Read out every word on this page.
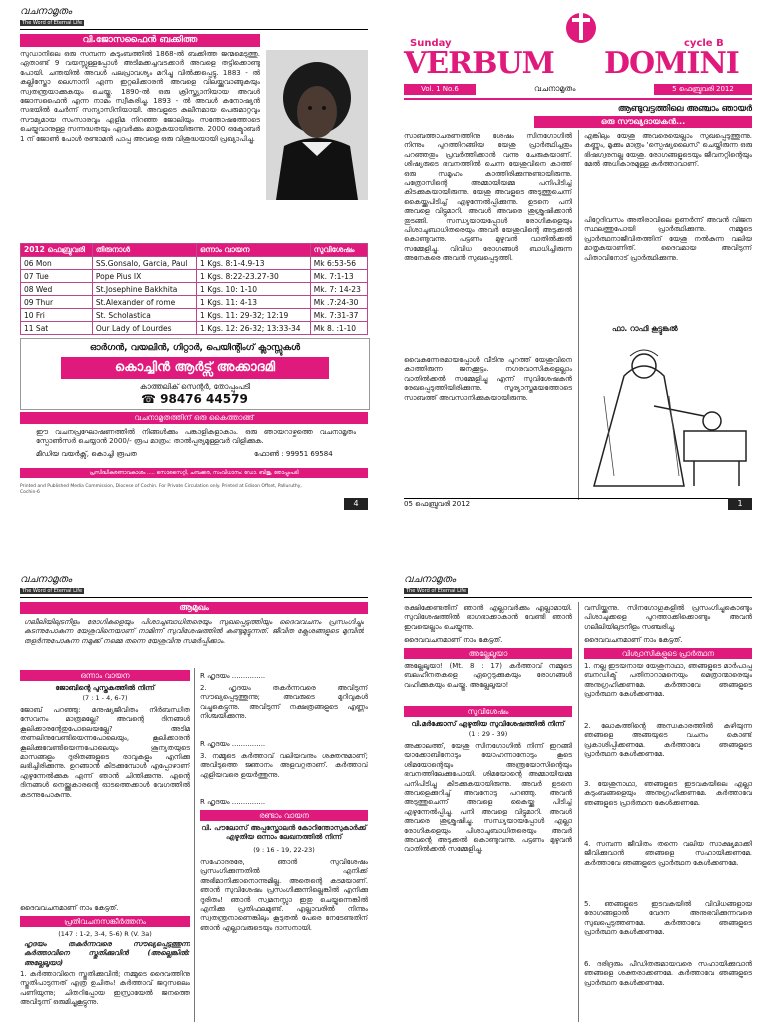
വചനാമൃതം
The Word of Eternal Life
വി.ജോസഫൈൻ ബക്കിത്ത
സുഡാനിലെ ഒരു സമ്പന്ന കുടുംബത്തിൽ 1868-ൽ ബക്കിത്ത ജന്മമെടുത്തു. ഏതാണ്ട് 9 വയസ്സുള്ളപ്പോൾ അടിമക്കച്ചവടക്കാർ അവളെ തട്ടിക്കൊണ്ടു പോയി. ചന്തയിൽ അവൾ പലപ്രാവശ്യം മറിച്ചു വിൽക്കപ്പെട്ടു. 1883 - ൽ കല്ലിസ്തോ ലെഗ്നാനി എന്ന ഇറ്റലിക്കാരൻ അവളെ വിലയ്ക്കുവാങ്ങുകയും സ്വതന്ത്രയാക്കുകയും ചെയ്തു. 1890-ൽ ഒരു ക്രിസ്ത്യാനിയായ അവൾ ജോസഫൈൻ എന്ന നാമം സ്വീകരിച്ചു. 1893 - ൽ അവൾ കനോഷ്യൻ സഭയിൽ ചേർന്ന് സന്യാസിനിയായി. അവളുടെ കുലീനമായ പെരുമാറ്റവും സൗമ്യമായ സംസാരവും എളിമ നിറഞ്ഞ ജോലിയും സന്തോഷത്തോടെ ചെയ്യുവാനുള്ള സന്നദ്ധതയും ഏവർക്കും മാതൃകയായിരുന്നു. 2000 ഒക്ടോബർ 1 ന് ജോൺ പോൾ രണ്ടാമൻ പാപ്പ അവളെ ഒരു വിശുദ്ധയായി പ്രഖ്യാപിച്ചു.
2012 ഫെബ്രുവരി	തിരുനാൾ	ഒന്നാം വായന	സുവിശേഷം
06 Mon	SS.Gonsalo, Garcia, Paul	1 Kgs. 8:1-4.9-13	Mk 6:53-56
07 Tue	Pope Pius IX	1 Kgs. 8:22-23.27-30	Mk. 7:1-13
08 Wed	St.Josephine Bakkhita	1 Kgs. 10: 1-10	Mk. 7: 14-23
09 Thur	St.Alexander of rome	1 Kgs. 11: 4-13	Mk .7:24-30
10 Fri	St. Scholastica	1 Kgs. 11: 29-32; 12:19	Mk. 7:31-37
11 Sat	Our Lady of Lourdes	1 Kgs. 12: 26-32; 13:33-34	Mk 8. :1-10
ഓർഗൻ, വയലിൻ, ഗിറ്റാർ, പെയിന്റിംഗ് ക്ലാസ്സുകൾ
കൊച്ചിൻ ആർട്സ് അക്കാദമി
കാത്തലിക് സെന്റർ, തോപ്പുംപടി
☎ 98476 44579
വചനാമൃതത്തിന് ഒരു കൈത്താങ്ങ്
ഈ വചനപ്രഘോഷണത്തിൽ നിങ്ങൾക്കും പങ്കാളികളാകാം. ഒരു ഞായറാഴ്ചത്തെ വചനാമൃതം സ്പോൺസർ ചെയ്യാൻ 2000/- രൂപ മാത്രം: താൽപ്പര്യമുള്ളവർ വിളിക്കുക.
മീഡിയ വയർക്സ്, കൊച്ചി രൂപത	ഫോൺ : 99951 69584
പ്രസിദ്ധീകരണാവകാശം ..... സൊസൈറ്റി, ചമ്പക്കര, സംവിധാനം: ഡോ. ബിജു, തോപ്പുംപടി
Printed and Published Media Commission, Diocese of Cochin. For Private Circulation only. Printed at Edison Offset, Palluruthy, Cochin-6
4
Sunday	cycle B
VERBUM DOMINI
Vol. 1 No.6	വചനാമൃതം	5 ഫെബ്രുവരി 2012
ആണ്ടുവട്ടത്തിലെ അഞ്ചാം ഞായർ
ഒരു സൗഖ്യദായകൻ...
സാബത്താചരണത്തിനു ശേഷം സിനഗോഗിൽ നിന്നും പുറത്തിറങ്ങിയ യേശു പ്രാർത്ഥിച്ചതും പറഞ്ഞതും പ്രവർത്തിക്കാൻ വന്നു ചേരുകയാണ്. ശിഷ്യരുടെ ഭവനത്തിൽ ചെന്ന യേശുവിനെ കാത്ത് ഒരു സമൂഹം കാത്തിരിക്കുന്നുണ്ടായിരുന്നു. പത്രോസിന്റെ അമ്മായിയമ്മ പനിപിടിച്ച് കിടക്കുകയായിരുന്നു. യേശു അവളുടെ അടുത്തുചെന്ന് കൈയ്ക്കുപിടിച്ച് എഴുന്നേൽപ്പിക്കുന്നു. ഉടനെ പനി അവളെ വിട്ടുമാറി. അവൾ അവരെ ശുശ്രൂഷിക്കാൻ തുടങ്ങി. സന്ധ്യയായപ്പോൾ രോഗികളെയും പിശാചുബാധിതരെയും അവർ യേശുവിന്റെ അടുക്കൽ കൊണ്ടുവന്നു. പട്ടണം മുഴുവൻ വാതിൽക്കൽ സമ്മേളിച്ചു. വിവിധ രോഗങ്ങൾ ബാധിച്ചിരുന്ന അനേകരെ അവൻ സുഖപ്പെടുത്തി.
വൈകുന്നേരമായപ്പോൾ വീടിനു പുറത്ത് യേശുവിനെ കാത്തിരുന്ന ജനക്കൂട്ടം. നഗരവാസികളെല്ലാം വാതിൽക്കൽ സമ്മേളിച്ചു എന്ന് സുവിശേഷകൻ രേഖപ്പെടുത്തിയിരിക്കുന്നു. സൂര്യാസ്തമയത്തോടെ സാബത്ത് അവസാനിക്കുകയായിരുന്നു.
എങ്കിലും യേശു അവരെയെല്ലാം സുഖപ്പെടുത്തുന്നു. കണ്ണും, മൂക്കും മാത്രം 'സ്പെഷ്യലൈസ്' ചെയ്തിരുന്ന ഒരു ഭിഷഗ്വരനല്ല യേശു. രോഗങ്ങളുടെയും ജീവനറ്റിന്റെയും മേൽ അധികാരമുള്ള കർത്താവാണ്.
പിറ്റേദിവസം അതിരാവിലെ ഉണർന്ന് അവൻ വിജന സ്ഥലത്തുപോയി പ്രാർത്ഥിക്കുന്നു. നമ്മുടെ പ്രാർത്ഥനാജീവിതത്തിന് യേശു നൽകുന്ന വലിയ മാതൃകയാണിത്. ദൈവമായ അവിടുന്ന് പിതാവിനോട് പ്രാർത്ഥിക്കുന്നു.
ഫാ. റാഫി കൂട്ടുങ്കൽ
05 ഫെബ്രുവരി 2012	1
വചനാമൃതം
The Word of Eternal Life
ആമുഖം
ഗലീലിയിലുടനീളം രോഗികളെയും പിശാചുബാധിതരെയും സുഖപ്പെടുത്തിയും ദൈവവചനം പ്രസംഗിച്ചും കടന്നുപോകുന്ന യേശുവിനെയാണ് നാമിന്ന് സുവിശേഷത്തിൽ കണ്ടുമുട്ടുന്നത്. ജീവിത ക്ലേശങ്ങളുടെ മുമ്പിൽ തളർന്നുപോകുന്ന നമുക്ക് നമ്മെ തന്നെ യേശുവിനു സമർപ്പിക്കാം.
ഒന്നാം വായന
ജോബിന്റെ പുസ്തകത്തിൽ നിന്ന്
(7 : 1 - 4, 6-7)
ജോബ് പറഞ്ഞു: മനുഷ്യജീവിതം നിർബന്ധിത സേവനം മാത്രമല്ലേ? അവന്റെ ദിനങ്ങൾ കൂലിക്കാരന്റേതുപോലെയല്ലേ? അടിമ തണലിനുവേണ്ടിയെന്നപോലെയും, കൂലിക്കാരൻ കൂലിക്കുവേണ്ടിയെന്നപോലെയും ശൂന്യതയുടെ മാസങ്ങളും ദുരിതങ്ങളുടെ രാവുകളും എനിക്കു ലഭിച്ചിരിക്കുന്നു. ഉറങ്ങാൻ കിടക്കുമ്പോൾ എപ്പോഴാണ് എഴുന്നേൽക്കുക എന്ന് ഞാൻ ചിന്തിക്കുന്നു. എന്റെ ദിനങ്ങൾ നെയ്ത്തുകാരന്റെ ഓടത്തെക്കാൾ വേഗത്തിൽ കടന്നുപോകുന്നു.
ദൈവവചനമാണ് നാം കേട്ടത്.
പ്രതിവചനസങ്കീർത്തനം
(147 : 1-2, 3-4, 5-6) R (V. 3a)
ഹൃദയം തകർന്നവരെ സൗഖ്യപ്പെടുത്തുന്ന കർത്താവിനെ സ്തുതിക്കുവിൻ (അല്ലെങ്കിൽ: അല്ലേലൂയാ)
1. കർത്താവിനെ സ്തുതിക്കുവിൻ; നമ്മുടെ ദൈവത്തിനു സ്തുതിപാടുന്നത് എത്ര ഉചിതം! കർത്താവ് ജറുസലെം പണിയുന്നു; ചിതറിപ്പോയ ഇസ്രായേൽ ജനത്തെ അവിടുന്ന് ഒരുമിച്ചുകൂട്ടുന്നു.
R ഹൃദയം ...............
2. ഹൃദയം തകർന്നവരെ അവിടുന്ന് സൗഖ്യപ്പെടുത്തുന്നു; അവരുടെ മുറിവുകൾ വച്ചുകെട്ടുന്നു. അവിടുന്ന് നക്ഷത്രങ്ങളുടെ എണ്ണം നിശ്ചയിക്കുന്നു.
R ഹൃദയം ...............
3. നമ്മുടെ കർത്താവ് വലിയവനും ശക്തനുമാണ്; അവിടുത്തെ ജ്ഞാനം അളവറ്റതാണ്. കർത്താവ് എളിയവരെ ഉയർത്തുന്നു.
R ഹൃദയം ...............
രണ്ടാം വായന
വി. പൗലോസ് അപ്പസ്തോലൻ കോറിന്തോസുകാർക്ക് എഴുതിയ ഒന്നാം ലേഖനത്തിൽ നിന്ന്
(9 : 16 - 19, 22-23)
സഹോദരരേ, ഞാൻ സുവിശേഷം പ്രസംഗിക്കുന്നതിൽ എനിക്ക് അഭിമാനിക്കാനൊന്നുമില്ല. അതെന്റെ കടമയാണ്. ഞാൻ സുവിശേഷം പ്രസംഗിക്കുന്നില്ലെങ്കിൽ എനിക്കു ദുരിതം! ഞാൻ സ്വമനസ്സാ ഇതു ചെയ്യുന്നെങ്കിൽ എനിക്കു പ്രതിഫലമുണ്ട്. എല്ലാവരിൽ നിന്നും സ്വതന്ത്രനാണെങ്കിലും കൂടുതൽ പേരെ നേടേണ്ടതിന് ഞാൻ എല്ലാവരുടെയും ദാസനായി.
വചനാമൃതം
The Word of Eternal Life
രക്ഷിക്കേണ്ടതിന് ഞാൻ എല്ലാവർക്കും എല്ലാമായി. സുവിശേഷത്തിൽ ഭാഗഭാക്കാകാൻ വേണ്ടി ഞാൻ ഇവയെല്ലാം ചെയ്യുന്നു.
ദൈവവചനമാണ് നാം കേട്ടത്.
അല്ലേലൂയാ
അല്ലേലൂയാ! (Mt. 8 : 17) കർത്താവ് നമ്മുടെ ബലഹീനതകളെ ഏറ്റെടുക്കുകയും രോഗങ്ങൾ വഹിക്കുകയും ചെയ്തു. അല്ലേലൂയാ!
സുവിശേഷം
വി.മർക്കോസ് എഴുതിയ സുവിശേഷത്തിൽ നിന്ന്
(1 : 29 - 39)
അക്കാലത്ത്, യേശു സിനഗോഗിൽ നിന്ന് ഇറങ്ങി യാക്കോബിനോടും യോഹന്നാനോടും കൂടെ ശിമയോന്റെയും അന്ത്രയോസിന്റെയും ഭവനത്തിലേക്കുപോയി. ശിമയോന്റെ അമ്മായിയമ്മ പനിപിടിച്ചു കിടക്കുകയായിരുന്നു. അവർ ഉടനെ അവളെക്കുറിച്ച് അവനോടു പറഞ്ഞു. അവൻ അടുത്തുചെന്ന് അവളെ കൈയ്ക്കു പിടിച്ച് എഴുന്നേൽപ്പിച്ചു. പനി അവളെ വിട്ടുമാറി. അവൾ അവരെ ശുശ്രൂഷിച്ചു. സന്ധ്യയായപ്പോൾ എല്ലാ രോഗികളെയും പിശാചുബാധിതരെയും അവർ അവന്റെ അടുക്കൽ കൊണ്ടുവന്നു. പട്ടണം മുഴുവൻ വാതിൽക്കൽ സമ്മേളിച്ചു.
വസിയ്ക്കുന്നു. സിനഗോഗുകളിൽ പ്രസംഗിച്ചുകൊണ്ടും പിശാചുക്കളെ പുറത്താക്കിക്കൊണ്ടും അവൻ ഗലീലിയിലുടനീളം സഞ്ചരിച്ചു.
ദൈവവചനമാണ് നാം കേട്ടത്.
വിശ്വാസികളുടെ പ്രാർത്ഥന
1. നല്ല ഇടയനായ യേശുനാഥാ, ഞങ്ങളുടെ മാർപാപ്പ ബനഡിക്ട് പതിനാറാമനെയും മെത്രാന്മാരെയും അനുഗ്രഹിക്കണമേ. കർത്താവേ ഞങ്ങളുടെ പ്രാർത്ഥന കേൾക്കണമേ.
2. ലോകത്തിന്റെ അന്ധകാരത്തിൽ കഴിയുന്ന ഞങ്ങളെ അങ്ങയുടെ വചനം കൊണ്ട് പ്രകാശിപ്പിക്കണമേ. കർത്താവേ ഞങ്ങളുടെ പ്രാർത്ഥന കേൾക്കണമേ.
3. യേശുനാഥാ, ഞങ്ങളുടെ ഇടവകയിലെ എല്ലാ കുടുംബങ്ങളെയും അനുഗ്രഹിക്കണമേ. കർത്താവേ ഞങ്ങളുടെ പ്രാർത്ഥന കേൾക്കണമേ.
4. സമ്പന്ന ജീവിതം തന്നെ വലിയ സാക്ഷ്യമാക്കി ജീവിക്കുവാൻ ഞങ്ങളെ സഹായിക്കണമേ. കർത്താവേ ഞങ്ങളുടെ പ്രാർത്ഥന കേൾക്കണമേ.
5. ഞങ്ങളുടെ ഇടവകയിൽ വിവിധങ്ങളായ രോഗങ്ങളാൽ വേദന അനുഭവിക്കുന്നവരെ സുഖപ്പെടുത്തണമേ. കർത്താവേ ഞങ്ങളുടെ പ്രാർത്ഥന കേൾക്കണമേ.
6. ദരിദ്രരും പീഡിതരുമായവരെ സഹായിക്കുവാൻ ഞങ്ങളെ ശക്തരാക്കണമേ. കർത്താവേ ഞങ്ങളുടെ പ്രാർത്ഥന കേൾക്കണമേ.
